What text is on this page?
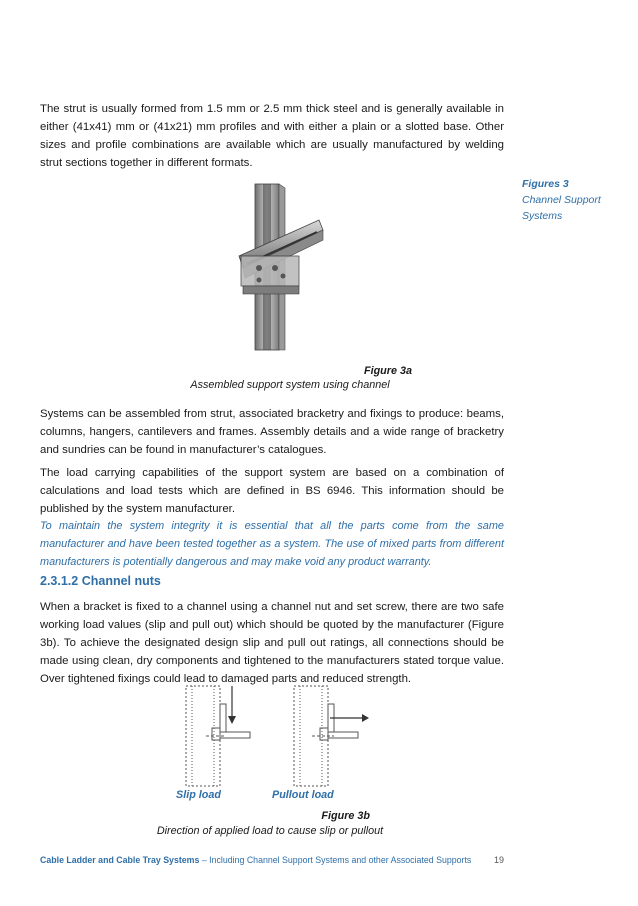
The strut is usually formed from 1.5 mm or 2.5 mm thick steel and is generally available in either (41x41) mm or (41x21) mm profiles and with either a plain or a slotted base. Other sizes and profile combinations are available which are usually manufactured by welding strut sections together in different formats.

Figures 3
Channel Support
Systems
Figure 3a
Assembled support system using channel

Systems can be assembled from strut, associated bracketry and fixings to produce: beams, columns, hangers, cantilevers and frames. Assembly details and a wide range of bracketry and sundries can be found in manufacturer’s catalogues.

The load carrying capabilities of the support system are based on a combination of calculations and load tests which are defined in BS 6946. This information should be published by the system manufacturer.

To maintain the system integrity it is essential that all the parts come from the same manufacturer and have been tested together as a system. The use of mixed parts from different manufacturers is potentially dangerous and may make void any product warranty.

2.3.1.2 Channel nuts

When a bracket is fixed to a channel using a channel nut and set screw, there are two safe working load values (slip and pull out) which should be quoted by the manufacturer (Figure 3b). To achieve the designated design slip and pull out ratings, all connections should be made using clean, dry components and tightened to the manufacturers stated torque value. Over tightened fixings could lead to damaged parts and reduced strength.

Slip load	Pullout load
Figure 3b
Direction of applied load to cause slip or pullout
Cable Ladder and Cable Tray Systems – Including Channel Support Systems and other Associated Supports	19
